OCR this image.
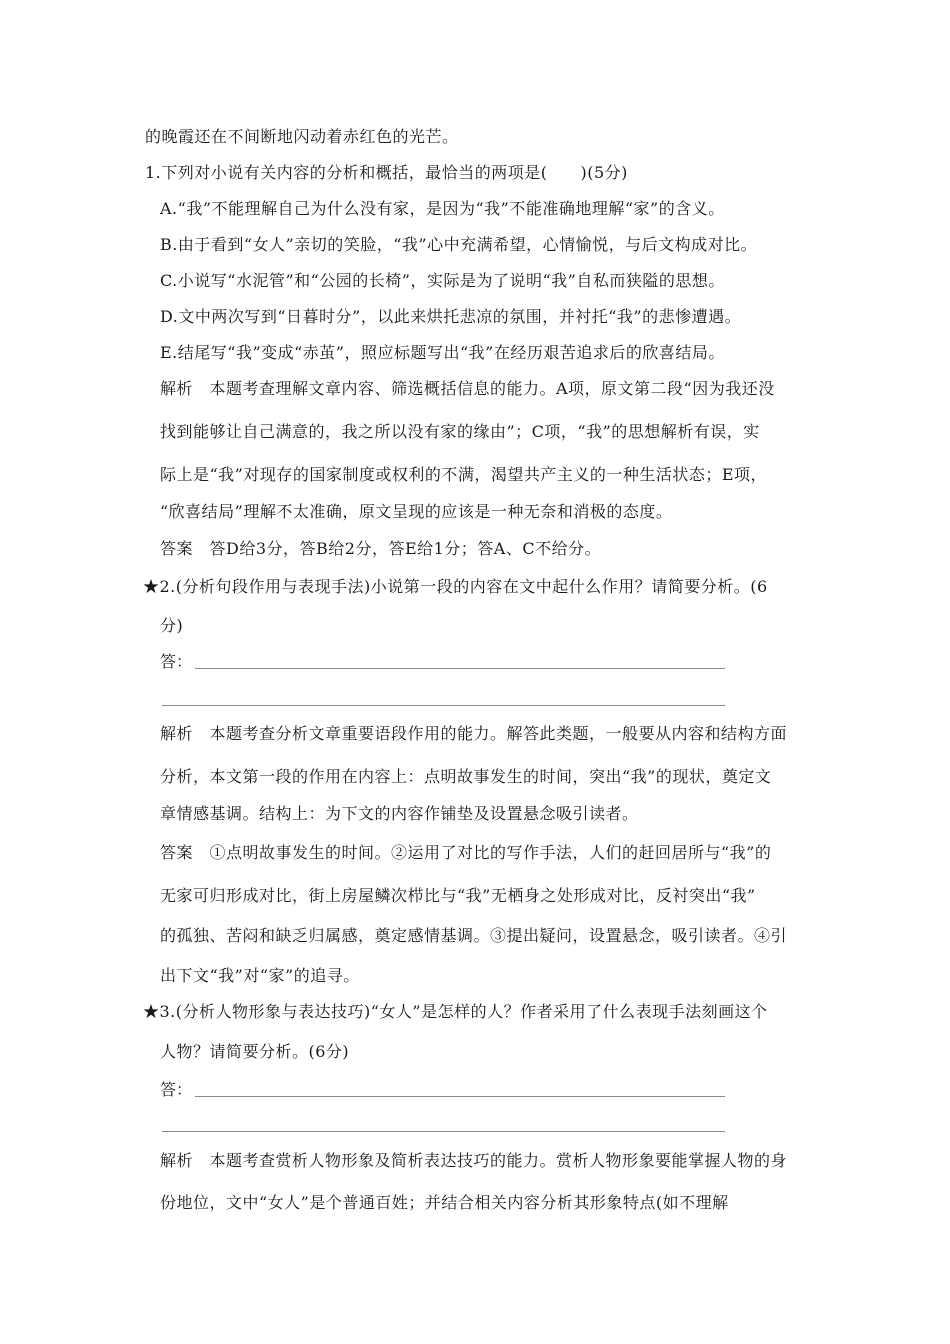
的晚霞还在不间断地闪动着赤红色的光芒。
1.下列对小说有关内容的分析和概括，最恰当的两项是(　　)(5分)
A.“我”不能理解自己为什么没有家，是因为“我”不能准确地理解“家”的含义。
B.由于看到“女人”亲切的笑脸，“我”心中充满希望，心情愉悦，与后文构成对比。
C.小说写“水泥管”和“公园的长椅”，实际是为了说明“我”自私而狭隘的思想。
D.文中两次写到“日暮时分”，以此来烘托悲凉的氛围，并衬托“我”的悲惨遭遇。
E.结尾写“我”变成“赤茧”，照应标题写出“我”在经历艰苦追求后的欣喜结局。
解析　本题考查理解文章内容、筛选概括信息的能力。A项，原文第二段“因为我还没
找到能够让自己满意的，我之所以没有家的缘由”；C项，“我”的思想解析有误，实
际上是“我”对现存的国家制度或权利的不满，渴望共产主义的一种生活状态；E项，
“欣喜结局”理解不太准确，原文呈现的应该是一种无奈和消极的态度。
答案　答D给3分，答B给2分，答E给1分；答A、C不给分。
★2.(分析句段作用与表现手法)小说第一段的内容在文中起什么作用？请简要分析。(6
分)
答：
解析　本题考查分析文章重要语段作用的能力。解答此类题，一般要从内容和结构方面
分析，本文第一段的作用在内容上：点明故事发生的时间，突出“我”的现状，奠定文
章情感基调。结构上：为下文的内容作铺垫及设置悬念吸引读者。
答案　①点明故事发生的时间。②运用了对比的写作手法，人们的赶回居所与“我”的
无家可归形成对比，街上房屋鳞次栉比与“我”无栖身之处形成对比，反衬突出“我”
的孤独、苦闷和缺乏归属感，奠定感情基调。③提出疑问，设置悬念，吸引读者。④引
出下文“我”对“家”的追寻。
★3.(分析人物形象与表达技巧)“女人”是怎样的人？作者采用了什么表现手法刻画这个
人物？请简要分析。(6分)
答：
解析　本题考查赏析人物形象及简析表达技巧的能力。赏析人物形象要能掌握人物的身
份地位，文中“女人”是个普通百姓；并结合相关内容分析其形象特点(如不理解
